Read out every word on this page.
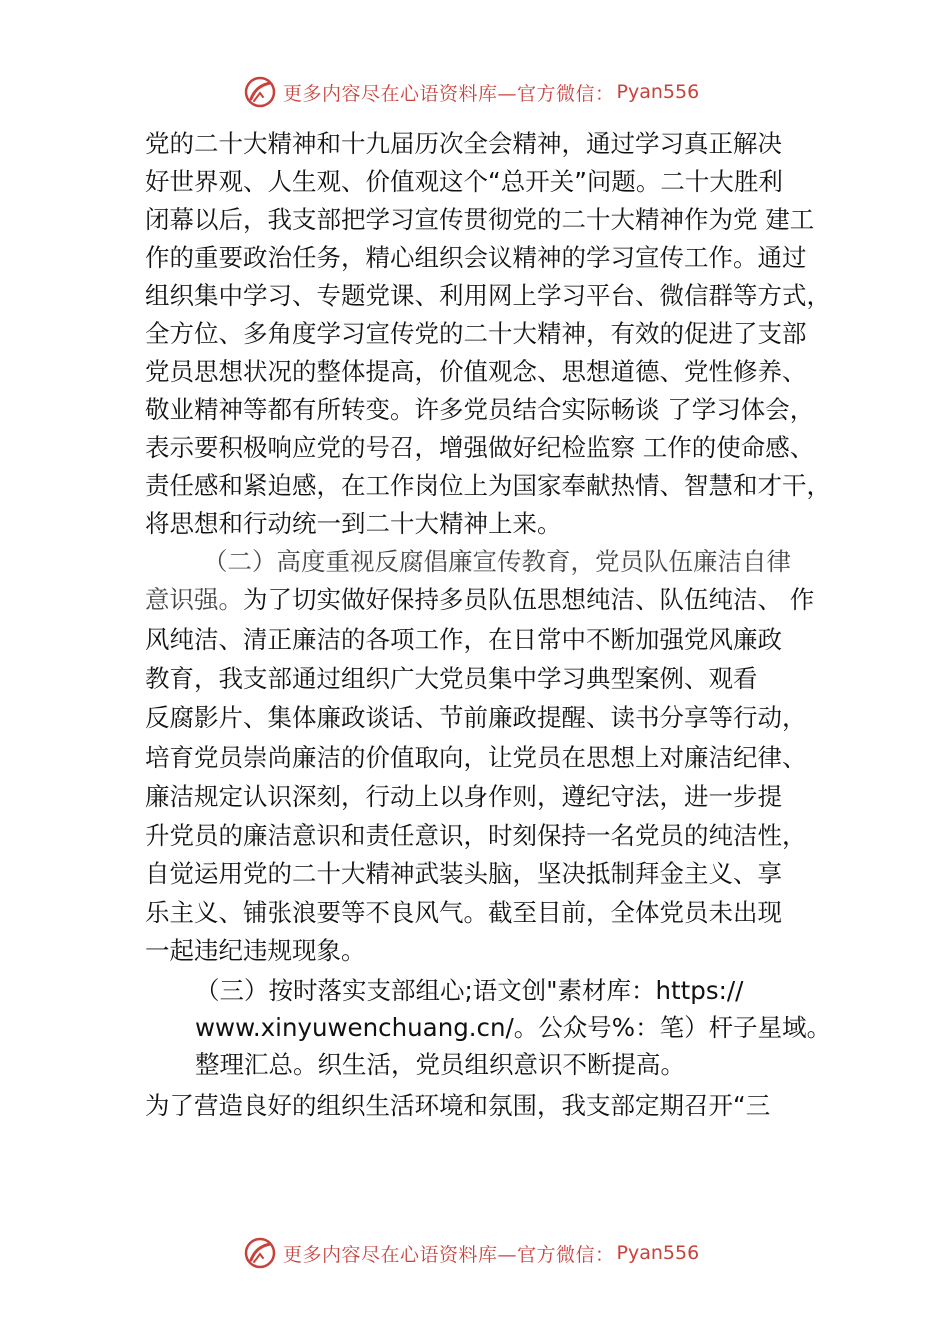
更多内容尽在心语资料库—官方微信： Pyan556
党的二十大精神和十九届历次全会精神，通过学习真正解决
好世界观、人生观、价值观这个“总开关”问题。二十大胜利
闭幕以后，我支部把学习宣传贯彻党的二十大精神作为党 建工
作的重要政治任务，精心组织会议精神的学习宣传工作。通过
组织集中学习、专题党课、利用网上学习平台、微信群等方式，
全方位、多角度学习宣传党的二十大精神，有效的促进了支部
党员思想状况的整体提高，价值观念、思想道德、党性修养、
敬业精神等都有所转变。许多党员结合实际畅谈 了学习体会，
表示要积极响应党的号召，增强做好纪检监察 工作的使命感、
责任感和紧迫感，在工作岗位上为国家奉献热情、智慧和才干，
将思想和行动统一到二十大精神上来。
（二）高度重视反腐倡廉宣传教育，党员队伍廉洁自律
意识强。为了切实做好保持多员队伍思想纯洁、队伍纯洁、 作
风纯洁、清正廉洁的各项工作，在日常中不断加强党风廉政
教育，我支部通过组织广大党员集中学习典型案例、观看
反腐影片、集体廉政谈话、节前廉政提醒、读书分享等行动，
培育党员崇尚廉洁的价值取向，让党员在思想上对廉洁纪律、
廉洁规定认识深刻，行动上以身作则，遵纪守法，进一步提
升党员的廉洁意识和责任意识，时刻保持一名党员的纯洁性，
自觉运用党的二十大精神武装头脑，坚决抵制拜金主义、享
乐主义、铺张浪要等不良风气。截至目前，全体党员未出现
一起违纪违规现象。
（三）按时落实支部组心;语文创"素材库：https://
www.xinyuwenchuang.cn/。公众号%：笔）杆子星域。
整理汇总。织生活，党员组织意识不断提高。
为了营造良好的组织生活环境和氛围，我支部定期召开“三
更多内容尽在心语资料库—官方微信： Pyan556
